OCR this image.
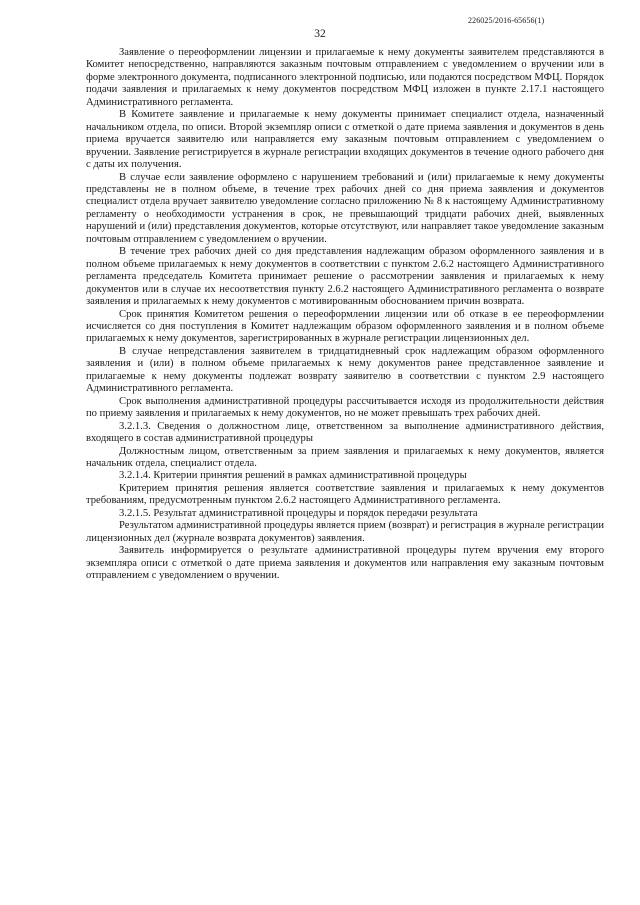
226025/2016-65656(1)
32

Заявление о переоформлении лицензии и прилагаемые к нему документы заявителем представляются в Комитет непосредственно, направляются заказным почтовым отправлением с уведомлением о вручении или в форме электронного документа, подписанного электронной подписью, или подаются посредством МФЦ. Порядок подачи заявления и прилагаемых к нему документов посредством МФЦ изложен в пункте 2.17.1 настоящего Административного регламента.

В Комитете заявление и прилагаемые к нему документы принимает специалист отдела, назначенный начальником отдела, по описи. Второй экземпляр описи с отметкой о дате приема заявления и документов в день приема вручается заявителю или направляется ему заказным почтовым отправлением с уведомлением о вручении. Заявление регистрируется в журнале регистрации входящих документов в течение одного рабочего дня с даты их получения.

В случае если заявление оформлено с нарушением требований и (или) прилагаемые к нему документы представлены не в полном объеме, в течение трех рабочих дней со дня приема заявления и документов специалист отдела вручает заявителю уведомление согласно приложению № 8 к настоящему Административному регламенту о необходимости устранения в срок, не превышающий тридцати рабочих дней, выявленных нарушений и (или) представления документов, которые отсутствуют, или направляет такое уведомление заказным почтовым отправлением с уведомлением о вручении.

В течение трех рабочих дней со дня представления надлежащим образом оформленного заявления и в полном объеме прилагаемых к нему документов в соответствии с пунктом 2.6.2 настоящего Административного регламента председатель Комитета принимает решение о рассмотрении заявления и прилагаемых к нему документов или в случае их несоответствия пункту 2.6.2 настоящего Административного регламента о возврате заявления и прилагаемых к нему документов с мотивированным обоснованием причин возврата.

Срок принятия Комитетом решения о переоформлении лицензии или об отказе в ее переоформлении исчисляется со дня поступления в Комитет надлежащим образом оформленного заявления и в полном объеме прилагаемых к нему документов, зарегистрированных в журнале регистрации лицензионных дел.

В случае непредставления заявителем в тридцатидневный срок надлежащим образом оформленного заявления и (или) в полном объеме прилагаемых к нему документов ранее представленное заявление и прилагаемые к нему документы подлежат возврату заявителю в соответствии с пунктом 2.9 настоящего Административного регламента.

Срок выполнения административной процедуры рассчитывается исходя из продолжительности действия по приему заявления и прилагаемых к нему документов, но не может превышать трех рабочих дней.

3.2.1.3. Сведения о должностном лице, ответственном за выполнение административного действия, входящего в состав административной процедуры

Должностным лицом, ответственным за прием заявления и прилагаемых к нему документов, является начальник отдела, специалист отдела.

3.2.1.4. Критерии принятия решений в рамках административной процедуры

Критерием принятия решения является соответствие заявления и прилагаемых к нему документов требованиям, предусмотренным пунктом 2.6.2 настоящего Административного регламента.

3.2.1.5. Результат административной процедуры и порядок передачи результата

Результатом административной процедуры является прием (возврат) и регистрация в журнале регистрации лицензионных дел (журнале возврата документов) заявления.

Заявитель информируется о результате административной процедуры путем вручения ему второго экземпляра описи с отметкой о дате приема заявления и документов или направления ему заказным почтовым отправлением с уведомлением о вручении.
